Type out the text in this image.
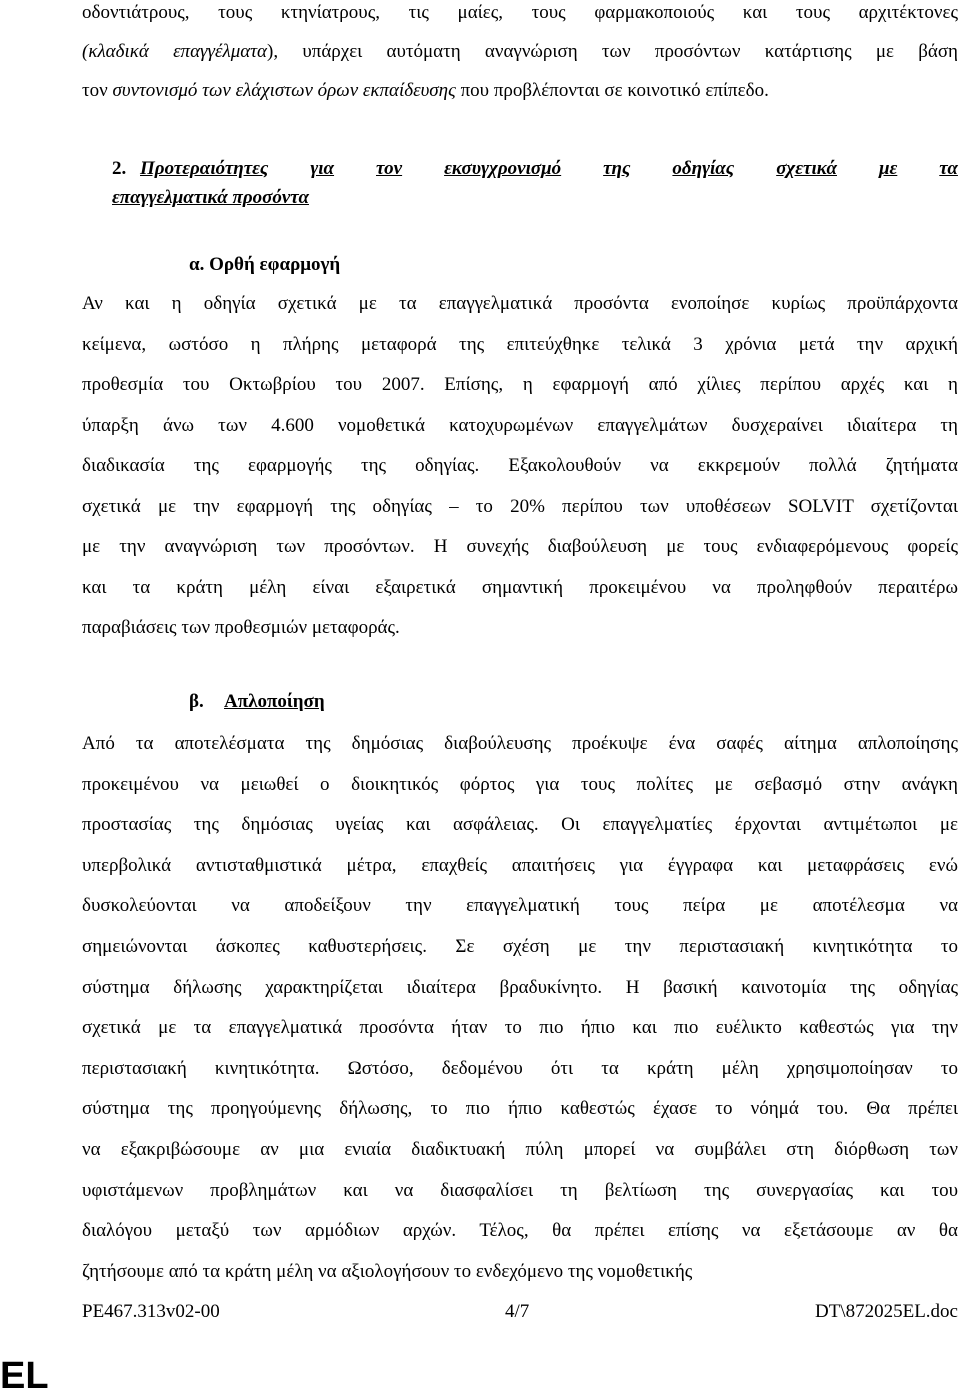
οδοντιάτρους, τους κτηνίατρους, τις μαίες, τους φαρμακοποιούς και τους αρχιτέκτονες
(κλαδικά επαγγέλματα), υπάρχει αυτόματη αναγνώριση των προσόντων κατάρτισης με βάση
τον συντονισμό των ελάχιστων όρων εκπαίδευσης που προβλέπονται σε κοινοτικό επίπεδο.
2. Προτεραιότητες για τον εκσυγχρονισμό της οδηγίας σχετικά με τα
επαγγελματικά προσόντα
α. Ορθή εφαρμογή
Αν και η οδηγία σχετικά με τα επαγγελματικά προσόντα ενοποίησε κυρίως προϋπάρχοντα
κείμενα, ωστόσο η πλήρης μεταφορά της επιτεύχθηκε τελικά 3 χρόνια μετά την αρχική
προθεσμία του Οκτωβρίου του 2007. Επίσης, η εφαρμογή από χίλιες περίπου αρχές και η
ύπαρξη άνω των 4.600 νομοθετικά κατοχυρωμένων επαγγελμάτων δυσχεραίνει ιδιαίτερα τη
διαδικασία της εφαρμογής της οδηγίας. Εξακολουθούν να εκκρεμούν πολλά ζητήματα
σχετικά με την εφαρμογή της οδηγίας – το 20% περίπου των υποθέσεων SOLVIT σχετίζονται
με την αναγνώριση των προσόντων. Η συνεχής διαβούλευση με τους ενδιαφερόμενους φορείς
και τα κράτη μέλη είναι εξαιρετικά σημαντική προκειμένου να προληφθούν περαιτέρω
παραβιάσεις των προθεσμιών μεταφοράς.
β. Απλοποίηση
Από τα αποτελέσματα της δημόσιας διαβούλευσης προέκυψε ένα σαφές αίτημα απλοποίησης
προκειμένου να μειωθεί ο διοικητικός φόρτος για τους πολίτες με σεβασμό στην ανάγκη
προστασίας της δημόσιας υγείας και ασφάλειας. Οι επαγγελματίες έρχονται αντιμέτωποι με
υπερβολικά αντισταθμιστικά μέτρα, επαχθείς απαιτήσεις για έγγραφα και μεταφράσεις ενώ
δυσκολεύονται να αποδείξουν την επαγγελματική τους πείρα με αποτέλεσμα να
σημειώνονται άσκοπες καθυστερήσεις. Σε σχέση με την περιστασιακή κινητικότητα το
σύστημα δήλωσης χαρακτηρίζεται ιδιαίτερα βραδυκίνητο. Η βασική καινοτομία της οδηγίας
σχετικά με τα επαγγελματικά προσόντα ήταν το πιο ήπιο και πιο ευέλικτο καθεστώς για την
περιστασιακή κινητικότητα. Ωστόσο, δεδομένου ότι τα κράτη μέλη χρησιμοποίησαν το
σύστημα της προηγούμενης δήλωσης, το πιο ήπιο καθεστώς έχασε το νόημά του. Θα πρέπει
να εξακριβώσουμε αν μια ενιαία διαδικτυακή πύλη μπορεί να συμβάλει στη διόρθωση των
υφιστάμενων προβλημάτων και να διασφαλίσει τη βελτίωση της συνεργασίας και του
διαλόγου μεταξύ των αρμόδιων αρχών. Τέλος, θα πρέπει επίσης να εξετάσουμε αν θα
ζητήσουμε από τα κράτη μέλη να αξιολογήσουν το ενδεχόμενο της νομοθετικής
PE467.313v02-00	4/7	DT\872025EL.doc
EL
